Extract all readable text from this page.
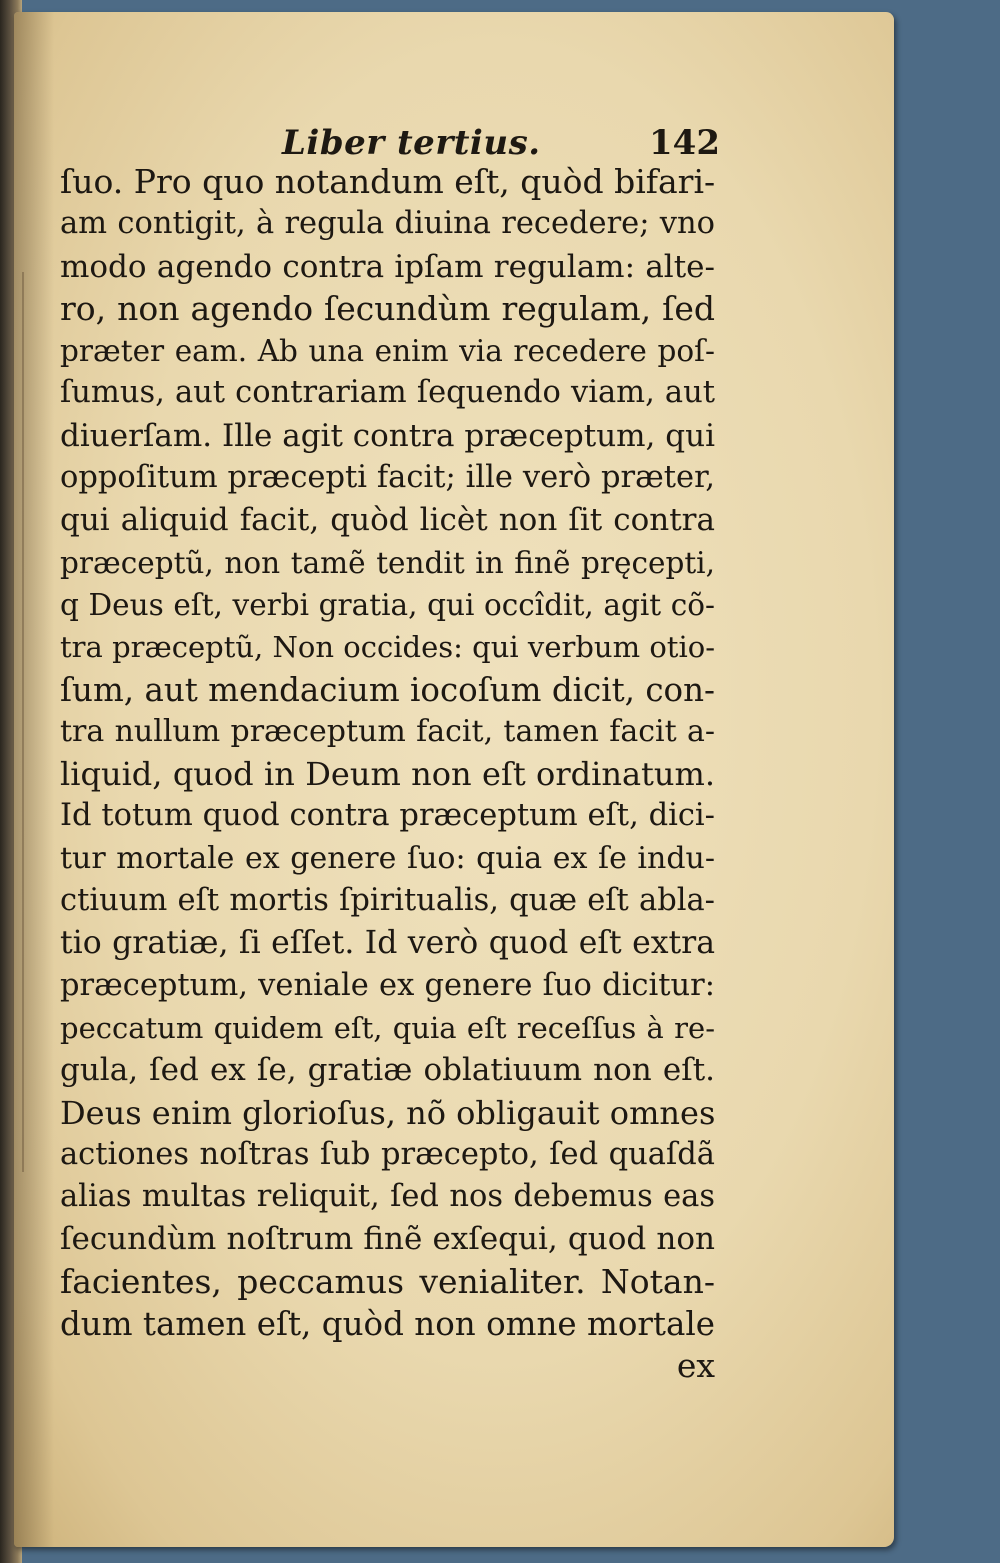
Liber tertius.	142
ſuo. Pro quo notandum eſt, quòd bifari-
am contigit, à regula diuina recedere; vno
modo agendo contra ipſam regulam: alte-
ro, non agendo ſecundùm regulam, ſed
præter eam. Ab una enim via recedere poſ-
ſumus, aut contrariam ſequendo viam, aut
diuerſam. Ille agit contra præceptum, qui
oppoſitum præcepti facit; ille verò præter,
qui aliquid facit, quòd licèt non ſit contra
præceptũ, non tamẽ tendit in finẽ pręcepti,
q Deus eſt, verbi gratia, qui occîdit, agit cõ-
tra præceptũ, Non occides: qui verbum otio-
ſum, aut mendacium iocoſum dicit, con-
tra nullum præceptum facit, tamen facit a-
liquid, quod in Deum non eſt ordinatum.
Id totum quod contra præceptum eſt, dici-
tur mortale ex genere ſuo: quia ex ſe indu-
ctiuum eſt mortis ſpiritualis, quæ eſt abla-
tio gratiæ, ſi eſſet. Id verò quod eſt extra
præceptum, veniale ex genere ſuo dicitur:
peccatum quidem eſt, quia eſt receſſus à re-
gula, ſed ex ſe, gratiæ oblatiuum non eſt.
Deus enim glorioſus, nõ obligauit omnes
actiones noſtras ſub præcepto, ſed quaſdã
alias multas reliquit, ſed nos debemus eas
ſecundùm noſtrum finẽ exſequi, quod non
facientes, peccamus venialiter. Notan-
dum tamen eſt, quòd non omne mortale
ex
